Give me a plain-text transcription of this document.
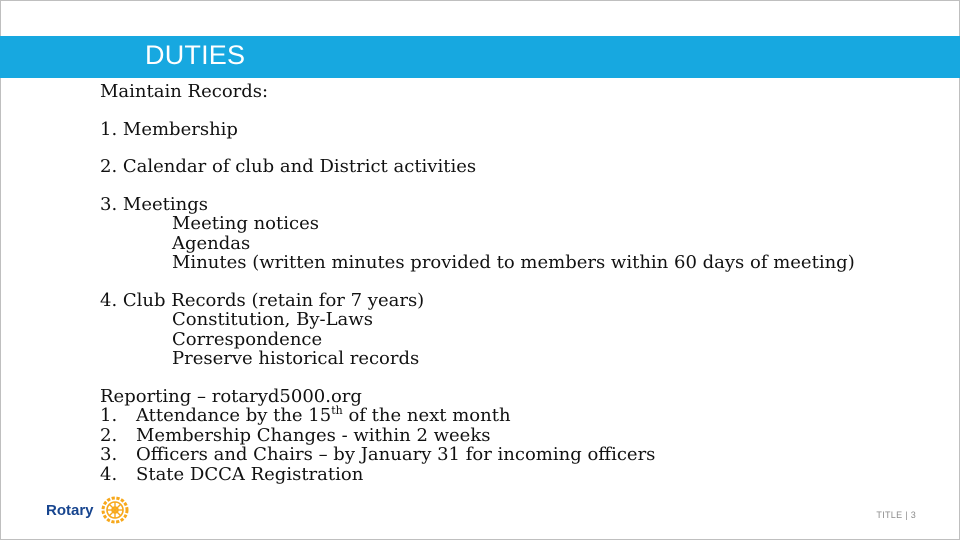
DUTIES
Maintain Records:
1. Membership
2. Calendar of club and District activities
3. Meetings
Meeting notices
Agendas
Minutes (written minutes provided to members within 60 days of meeting)
4. Club Records (retain for 7 years)
Constitution, By-Laws
Correspondence
Preserve historical records
Reporting – rotaryd5000.org
1. Attendance by the 15th of the next month
2. Membership Changes - within 2 weeks
3. Officers and Chairs – by January 31 for incoming officers
4. State DCCA Registration
Rotary	TITLE | 3
